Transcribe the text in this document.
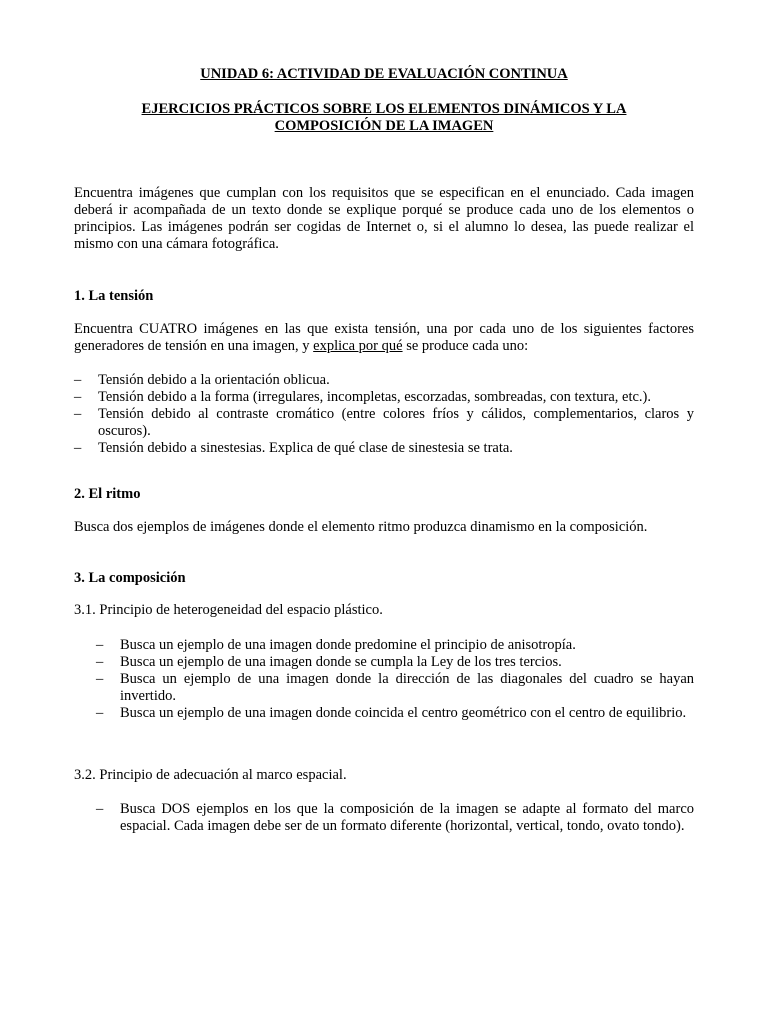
UNIDAD 6: ACTIVIDAD DE EVALUACIÓN CONTINUA
EJERCICIOS PRÁCTICOS SOBRE LOS ELEMENTOS DINÁMICOS Y LA COMPOSICIÓN DE LA IMAGEN

Encuentra imágenes que cumplan con los requisitos que se especifican en el enunciado. Cada imagen deberá ir acompañada de un texto donde se explique porqué se produce cada uno de los elementos o principios. Las imágenes podrán ser cogidas de Internet o, si el alumno lo desea, las puede realizar el mismo con una cámara fotográfica.

1. La tensión

Encuentra CUATRO imágenes en las que exista tensión, una por cada uno de los siguientes factores generadores de tensión en una imagen, y explica por qué se produce cada uno:

– Tensión debido a la orientación oblicua.
– Tensión debido a la forma (irregulares, incompletas, escorzadas, sombreadas, con textura, etc.).
– Tensión debido al contraste cromático (entre colores fríos y cálidos, complementarios, claros y oscuros).
– Tensión debido a sinestesias. Explica de qué clase de sinestesia se trata.

2. El ritmo

Busca dos ejemplos de imágenes donde el elemento ritmo produzca dinamismo en la composición.

3. La composición

3.1. Principio de heterogeneidad del espacio plástico.

– Busca un ejemplo de una imagen donde predomine el principio de anisotropía.
– Busca un ejemplo de una imagen donde se cumpla la Ley de los tres tercios.
– Busca un ejemplo de una imagen donde la dirección de las diagonales del cuadro se hayan invertido.
– Busca un ejemplo de una imagen donde coincida el centro geométrico con el centro de equilibrio.

3.2. Principio de adecuación al marco espacial.

– Busca DOS ejemplos en los que la composición de la imagen se adapte al formato del marco espacial. Cada imagen debe ser de un formato diferente (horizontal, vertical, tondo, ovato tondo).
